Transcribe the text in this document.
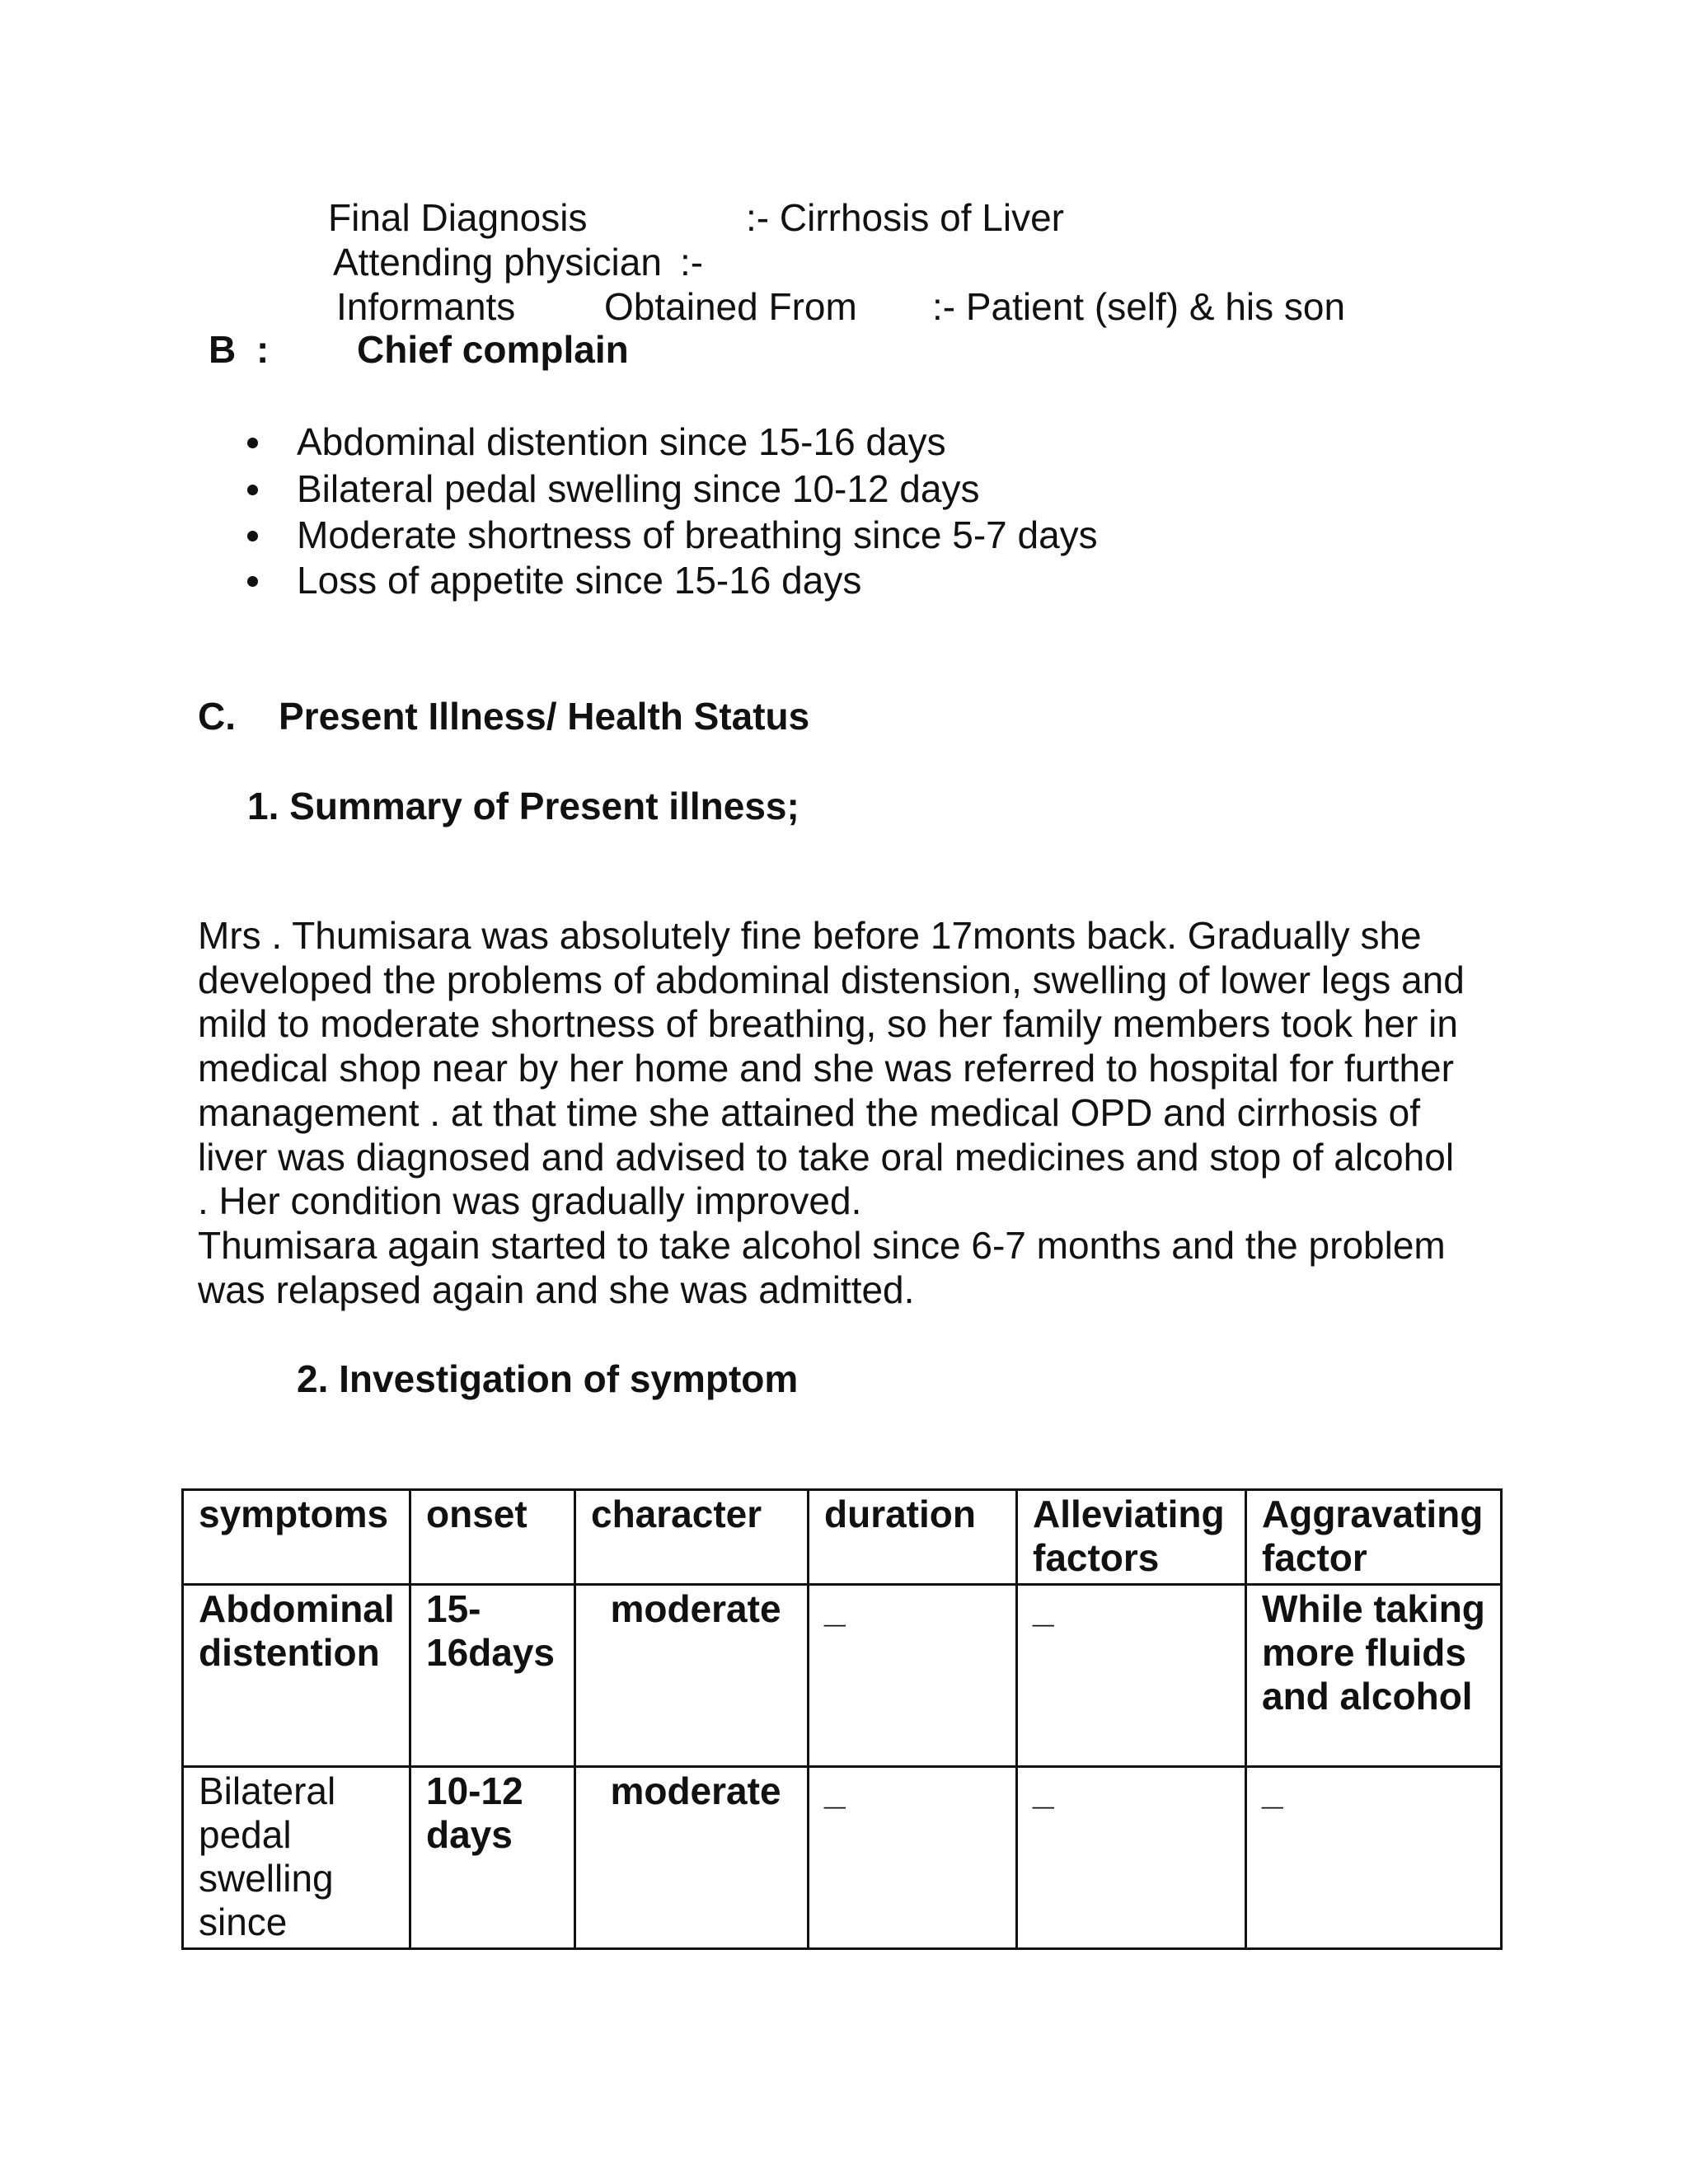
Final Diagnosis	:- Cirrhosis of Liver
Attending physician :-
Informants Obtained From :- Patient (self) & his son
B : Chief complain
Abdominal distention since 15-16 days
Bilateral pedal swelling since 10-12 days
Moderate shortness of breathing since 5-7 days
Loss of appetite since 15-16 days
C. Present Illness/ Health Status
1. Summary of Present illness;
Mrs . Thumisara was absolutely fine before 17monts back. Gradually she
developed the problems of abdominal distension, swelling of lower legs and
mild to moderate shortness of breathing, so her family members took her in
medical shop near by her home and she was referred to hospital for further
management . at that time she attained the medical OPD and cirrhosis of
liver was diagnosed and advised to take oral medicines and stop of alcohol
. Her condition was gradually improved.
Thumisara again started to take alcohol since 6-7 months and the problem
was relapsed again and she was admitted.
2. Investigation of symptom
symptoms	onset	character	duration	Alleviating factors	Aggravating factor
Abdominal distention	15-16days	moderate	_	_	While taking more fluids and alcohol
Bilateral pedal swelling since	10-12 days	moderate	_	_	_
